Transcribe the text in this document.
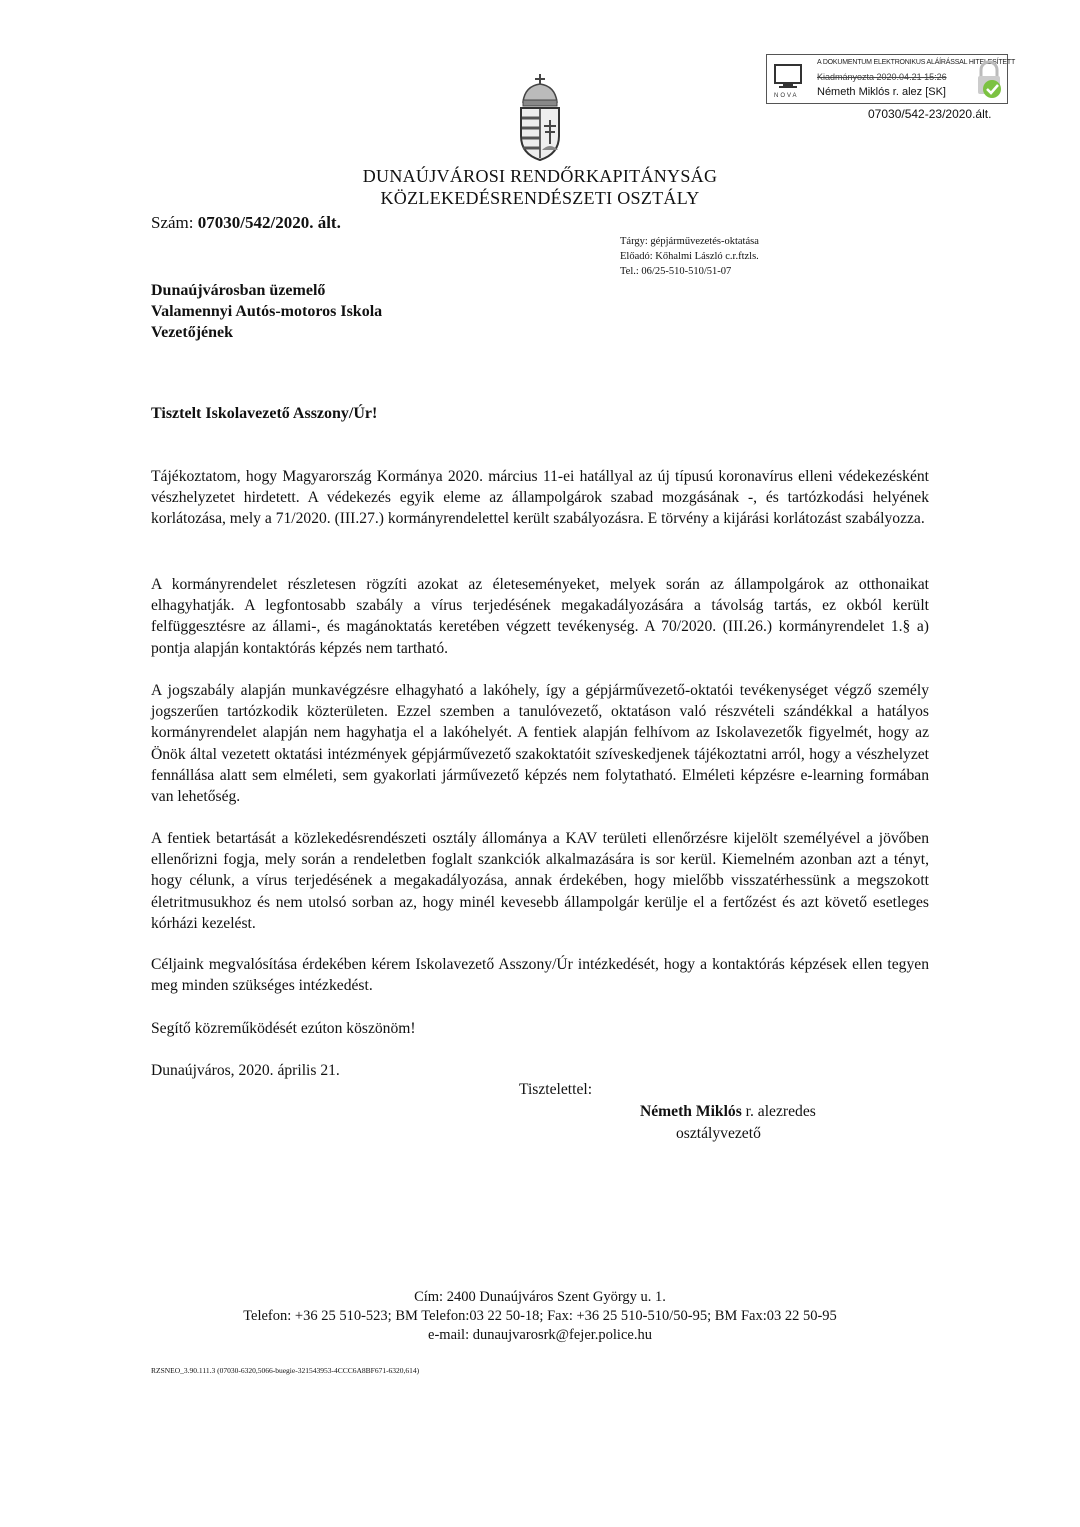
NOVA
A DOKUMENTUM ELEKTRONIKUS ALÁÍRÁSSAL HITELESÍTETT
Kiadmányozta 2020.04.21 15:26
Németh Miklós r. alez [SK]
07030/542-23/2020.ált.
DUNAÚJVÁROSI RENDŐRKAPITÁNYSÁG
KÖZLEKEDÉSRENDÉSZETI OSZTÁLY
Szám: 07030/542/2020. ált.
Tárgy: gépjárművezetés-oktatása
Előadó: Kőhalmi László c.r.ftzls.
Tel.: 06/25-510-510/51-07
Dunaújvárosban üzemelő
Valamennyi Autós-motoros Iskola
Vezetőjének
Tisztelt Iskolavezető Asszony/Úr!

Tájékoztatom, hogy Magyarország Kormánya 2020. március 11-ei hatállyal az új típusú koronavírus elleni védekezésként vészhelyzetet hirdetett. A védekezés egyik eleme az állampolgárok szabad mozgásának -, és tartózkodási helyének korlátozása, mely a 71/2020. (III.27.) kormányrendelettel került szabályozásra. E törvény a kijárási korlátozást szabályozza.

A kormányrendelet részletesen rögzíti azokat az életeseményeket, melyek során az állampolgárok az otthonaikat elhagyhatják. A legfontosabb szabály a vírus terjedésének megakadályozására a távolság tartás, ez okból került felfüggesztésre az állami-, és magánoktatás keretében végzett tevékenység. A 70/2020. (III.26.) kormányrendelet 1.§ a) pontja alapján kontaktórás képzés nem tartható.

A jogszabály alapján munkavégzésre elhagyható a lakóhely, így a gépjárművezető-oktatói tevékenységet végző személy jogszerűen tartózkodik közterületen. Ezzel szemben a tanulóvezető, oktatáson való részvételi szándékkal a hatályos kormányrendelet alapján nem hagyhatja el a lakóhelyét. A fentiek alapján felhívom az Iskolavezetők figyelmét, hogy az Önök által vezetett oktatási intézmények gépjárművezető szakoktatóit szíveskedjenek tájékoztatni arról, hogy a vészhelyzet fennállása alatt sem elméleti, sem gyakorlati járművezető képzés nem folytatható. Elméleti képzésre e-learning formában van lehetőség.

A fentiek betartását a közlekedésrendészeti osztály állománya a KAV területi ellenőrzésre kijelölt személyével a jövőben ellenőrizni fogja, mely során a rendeletben foglalt szankciók alkalmazására is sor kerül. Kiemelném azonban azt a tényt, hogy célunk, a vírus terjedésének a megakadályozása, annak érdekében, hogy mielőbb visszatérhessünk a megszokott életritmusukhoz és nem utolsó sorban az, hogy minél kevesebb állampolgár kerülje el a fertőzést és azt követő esetleges kórházi kezelést.

Céljaink megvalósítása érdekében kérem Iskolavezető Asszony/Úr intézkedését, hogy a kontaktórás képzések ellen tegyen meg minden szükséges intézkedést.

Segítő közreműködését ezúton köszönöm!

Dunaújváros, 2020. április 21.

Tisztelettel:
Németh Miklós r. alezredes
osztályvezető
Cím: 2400 Dunaújváros Szent György u. 1.
Telefon: +36 25 510-523; BM Telefon:03 22 50-18; Fax: +36 25 510-510/50-95; BM Fax:03 22 50-95
e-mail: dunaujvarosrk@fejer.police.hu
RZSNEO_3.90.111.3 (07030-6320,5066-buegie-321543953-4CCC6A8BF671-6320,614)
